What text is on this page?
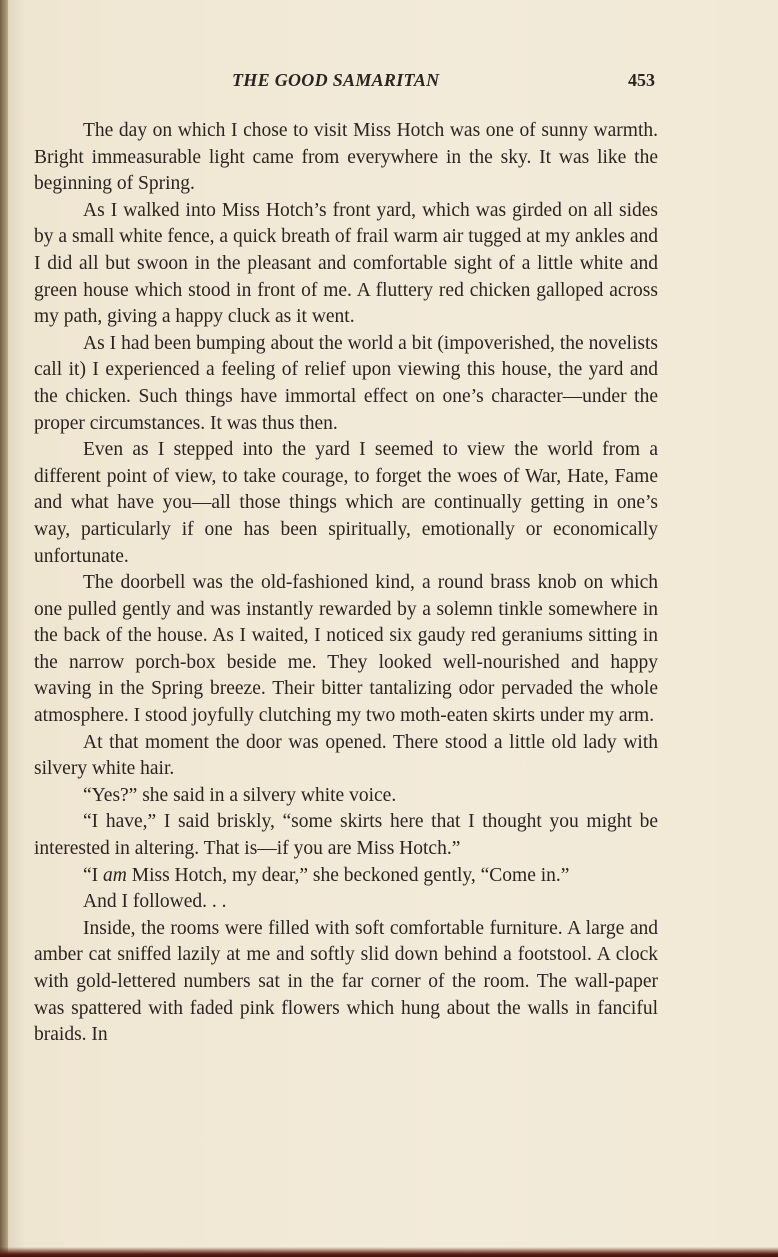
THE GOOD SAMARITAN	453

The day on which I chose to visit Miss Hotch was one of sunny warmth. Bright immeasurable light came from everywhere in the sky. It was like the beginning of Spring.

As I walked into Miss Hotch’s front yard, which was girded on all sides by a small white fence, a quick breath of frail warm air tugged at my ankles and I did all but swoon in the pleasant and comfortable sight of a little white and green house which stood in front of me. A fluttery red chicken galloped across my path, giving a happy cluck as it went.

As I had been bumping about the world a bit (impoverished, the novelists call it) I experienced a feeling of relief upon viewing this house, the yard and the chicken. Such things have immortal effect on one’s character—under the proper circumstances. It was thus then.

Even as I stepped into the yard I seemed to view the world from a different point of view, to take courage, to forget the woes of War, Hate, Fame and what have you—all those things which are continually getting in one’s way, particularly if one has been spiritually, emotionally or economically unfortunate.

The doorbell was the old-fashioned kind, a round brass knob on which one pulled gently and was instantly rewarded by a solemn tinkle somewhere in the back of the house. As I waited, I noticed six gaudy red geraniums sitting in the narrow porch-box beside me. They looked well-nourished and happy waving in the Spring breeze. Their bitter tantalizing odor pervaded the whole atmosphere. I stood joyfully clutching my two moth-eaten skirts under my arm.

At that moment the door was opened. There stood a little old lady with silvery white hair.

“Yes?” she said in a silvery white voice.

“I have,” I said briskly, “some skirts here that I thought you might be interested in altering. That is—if you are Miss Hotch.”

“I am Miss Hotch, my dear,” she beckoned gently, “Come in.”

And I followed. . .

Inside, the rooms were filled with soft comfortable furniture. A large and amber cat sniffed lazily at me and softly slid down behind a footstool. A clock with gold-lettered numbers sat in the far corner of the room. The wall-paper was spattered with faded pink flowers which hung about the walls in fanciful braids. In
